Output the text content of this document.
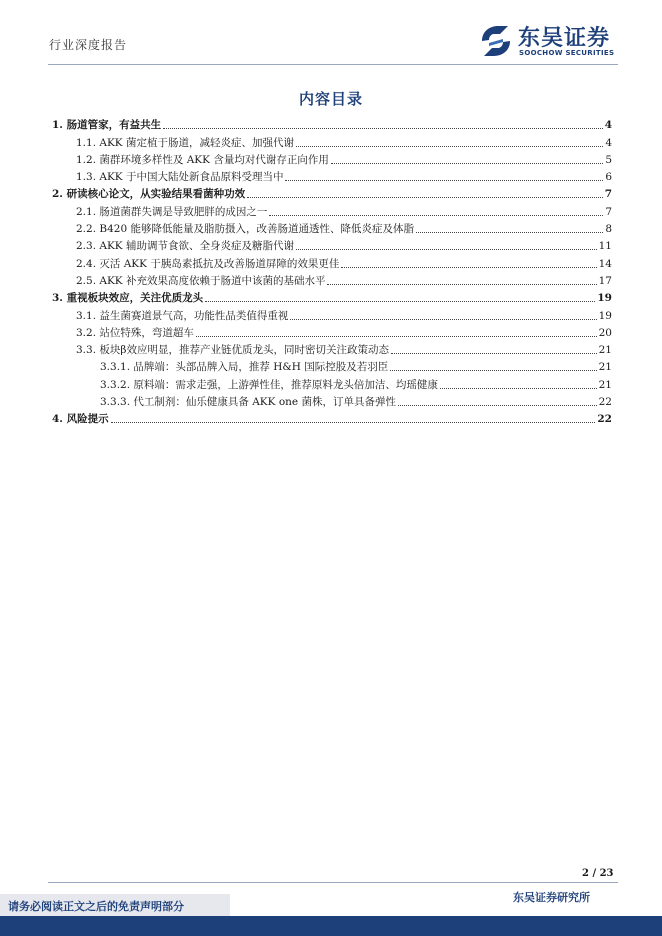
行业深度报告	东吴证券
SOOCHOW SECURITIES
内容目录
1. 肠道管家，有益共生	4
1.1. AKK 菌定植于肠道，减轻炎症、加强代谢	4
1.2. 菌群环境多样性及 AKK 含量均对代谢存正向作用	5
1.3. AKK 于中国大陆处新食品原料受理当中	6
2. 研读核心论文，从实验结果看菌种功效	7
2.1. 肠道菌群失调是导致肥胖的成因之一	7
2.2. B420 能够降低能量及脂肪摄入，改善肠道通透性、降低炎症及体脂	8
2.3. AKK 辅助调节食欲、全身炎症及糖脂代谢	11
2.4. 灭活 AKK 于胰岛素抵抗及改善肠道屏障的效果更佳	14
2.5. AKK 补充效果高度依赖于肠道中该菌的基础水平	17
3. 重视板块效应，关注优质龙头	19
3.1. 益生菌赛道景气高，功能性品类值得重视	19
3.2. 站位特殊，弯道超车	20
3.3. 板块β效应明显，推荐产业链优质龙头，同时密切关注政策动态	21
3.3.1. 品牌端：头部品牌入局，推荐 H&H 国际控股及若羽臣	21
3.3.2. 原料端：需求走强，上游弹性佳，推荐原料龙头倍加洁、均瑶健康	21
3.3.3. 代工制剂：仙乐健康具备 AKK one 菌株，订单具备弹性	22
4. 风险提示	22
2 / 23
东吴证券研究所
请务必阅读正文之后的免责声明部分
